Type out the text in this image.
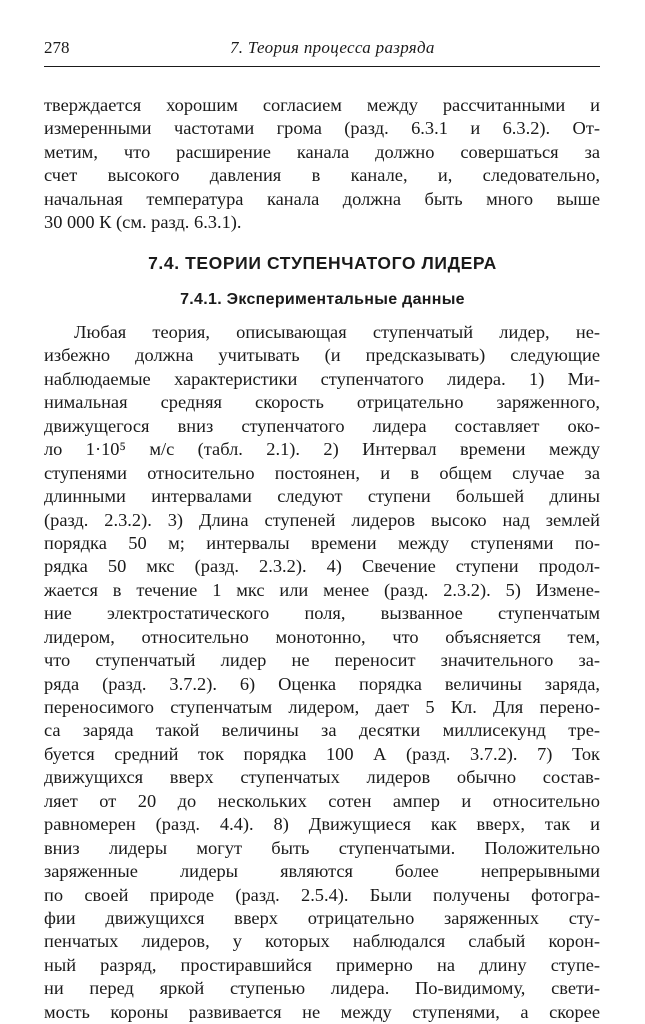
278	7. Теория процесса разряда
тверждается хорошим согласием между рассчитанными и
измеренными частотами грома (разд. 6.3.1 и 6.3.2). От-
метим, что расширение канала должно совершаться за
счет высокого давления в канале, и, следовательно,
начальная температура канала должна быть много выше
30 000 К (см. разд. 6.3.1).
7.4. ТЕОРИИ СТУПЕНЧАТОГО ЛИДЕРА
7.4.1. Экспериментальные данные
Любая теория, описывающая ступенчатый лидер, не-
избежно должна учитывать (и предсказывать) следующие
наблюдаемые характеристики ступенчатого лидера. 1) Ми-
нимальная средняя скорость отрицательно заряженного,
движущегося вниз ступенчатого лидера составляет око-
ло 1·10⁵ м/с (табл. 2.1). 2) Интервал времени между
ступенями относительно постоянен, и в общем случае за
длинными интервалами следуют ступени большей длины
(разд. 2.3.2). 3) Длина ступеней лидеров высоко над землей
порядка 50 м; интервалы времени между ступенями по-
рядка 50 мкс (разд. 2.3.2). 4) Свечение ступени продол-
жается в течение 1 мкс или менее (разд. 2.3.2). 5) Измене-
ние электростатического поля, вызванное ступенчатым
лидером, относительно монотонно, что объясняется тем,
что ступенчатый лидер не переносит значительного за-
ряда (разд. 3.7.2). 6) Оценка порядка величины заряда,
переносимого ступенчатым лидером, дает 5 Кл. Для перено-
са заряда такой величины за десятки миллисекунд тре-
буется средний ток порядка 100 А (разд. 3.7.2). 7) Ток
движущихся вверх ступенчатых лидеров обычно состав-
ляет от 20 до нескольких сотен ампер и относительно
равномерен (разд. 4.4). 8) Движущиеся как вверх, так и
вниз лидеры могут быть ступенчатыми. Положительно
заряженные лидеры являются более непрерывными
по своей природе (разд. 2.5.4). Были получены фотогра-
фии движущихся вверх отрицательно заряженных сту-
пенчатых лидеров, у которых наблюдался слабый корон-
ный разряд, простиравшийся примерно на длину ступе-
ни перед яркой ступенью лидера. По-видимому, свети-
мость короны развивается не между ступенями, а скорее
